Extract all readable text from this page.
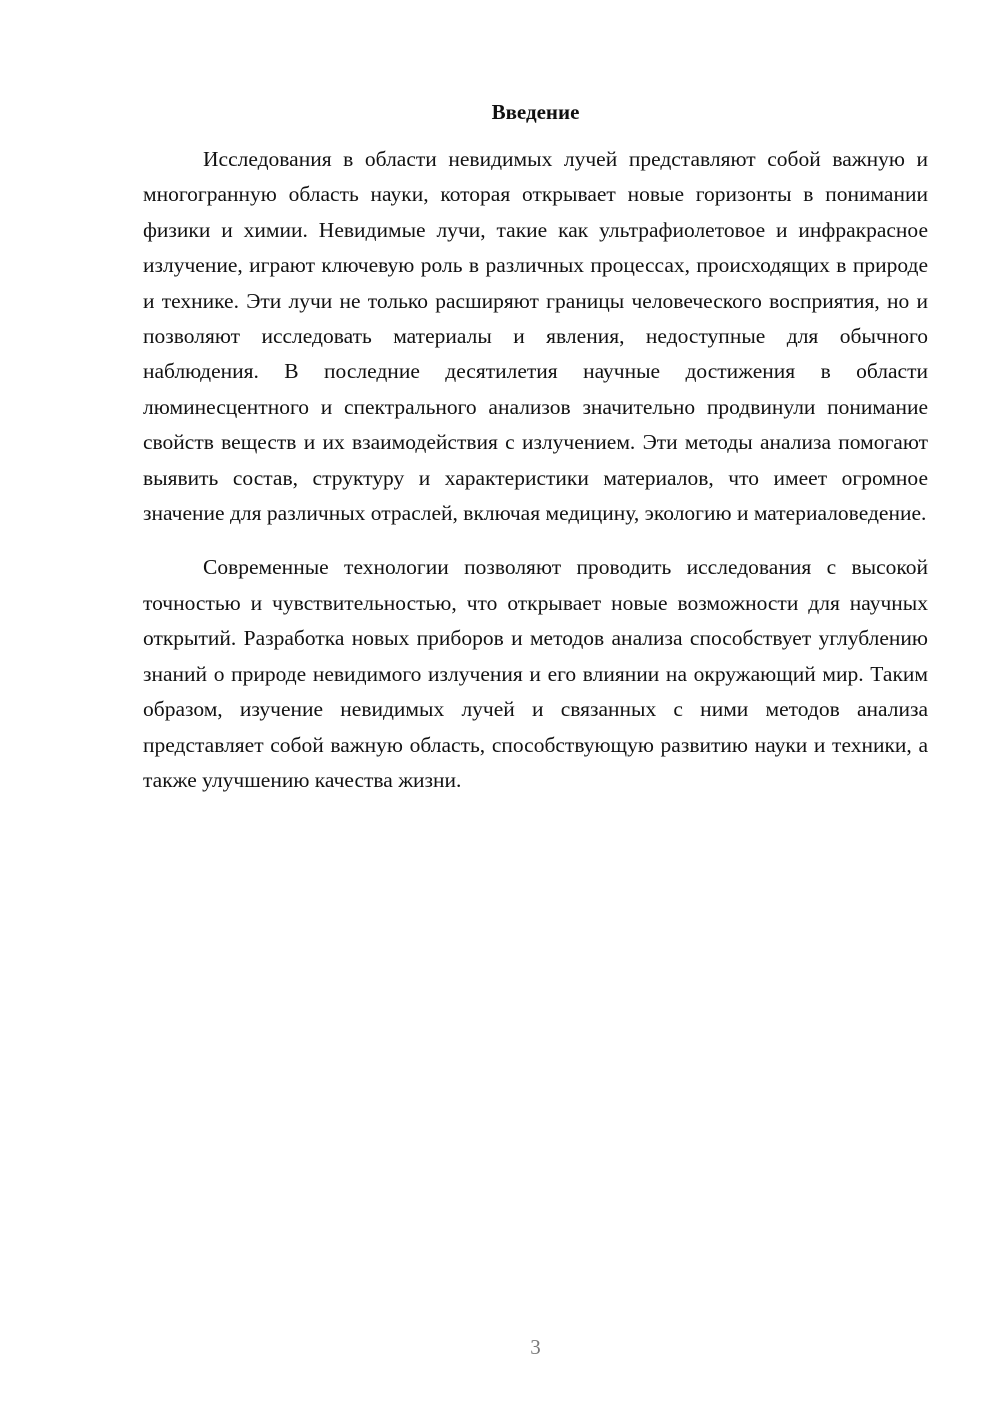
Введение

Исследования в области невидимых лучей представляют собой важную и многогранную область науки, которая открывает новые горизонты в понимании физики и химии. Невидимые лучи, такие как ультрафиолетовое и инфракрасное излучение, играют ключевую роль в различных процессах, происходящих в природе и технике. Эти лучи не только расширяют границы человеческого восприятия, но и позволяют исследовать материалы и явления, недоступные для обычного наблюдения. В последние десятилетия научные достижения в области люминесцентного и спектрального анализов значительно продвинули понимание свойств веществ и их взаимодействия с излучением. Эти методы анализа помогают выявить состав, структуру и характеристики материалов, что имеет огромное значение для различных отраслей, включая медицину, экологию и материаловедение.

Современные технологии позволяют проводить исследования с высокой точностью и чувствительностью, что открывает новые возможности для научных открытий. Разработка новых приборов и методов анализа способствует углублению знаний о природе невидимого излучения и его влиянии на окружающий мир. Таким образом, изучение невидимых лучей и связанных с ними методов анализа представляет собой важную область, способствующую развитию науки и техники, а также улучшению качества жизни.

3
